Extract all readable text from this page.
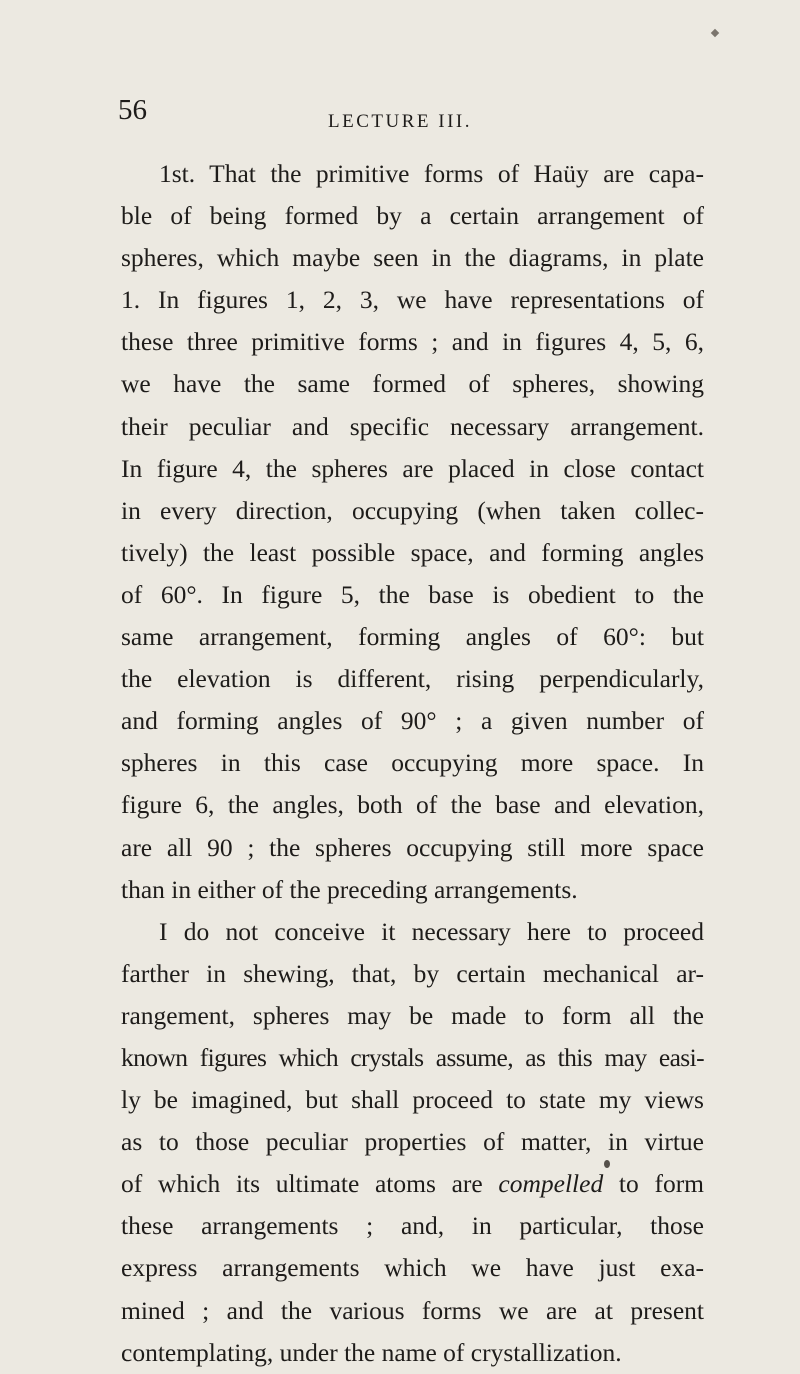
56	LECTURE III.
1st. That the primitive forms of Haüy are capa-
ble of being formed by a certain arrangement of
spheres, which maybe seen in the diagrams, in plate
1. In figures 1, 2, 3, we have representations of
these three primitive forms ; and in figures 4, 5, 6,
we have the same formed of spheres, showing
their peculiar and specific necessary arrangement.
In figure 4, the spheres are placed in close contact
in every direction, occupying (when taken collec-
tively) the least possible space, and forming angles
of 60°. In figure 5, the base is obedient to the
same arrangement, forming angles of 60°: but
the elevation is different, rising perpendicularly,
and forming angles of 90° ; a given number of
spheres in this case occupying more space. In
figure 6, the angles, both of the base and elevation,
are all 90 ; the spheres occupying still more space
than in either of the preceding arrangements.
I do not conceive it necessary here to proceed
farther in shewing, that, by certain mechanical ar-
rangement, spheres may be made to form all the
known figures which crystals assume, as this may easi-
ly be imagined, but shall proceed to state my views
as to those peculiar properties of matter, in virtue
of which its ultimate atoms are compelled to form
these arrangements ; and, in particular, those
express arrangements which we have just exa-
mined ; and the various forms we are at present
contemplating, under the name of crystallization.
